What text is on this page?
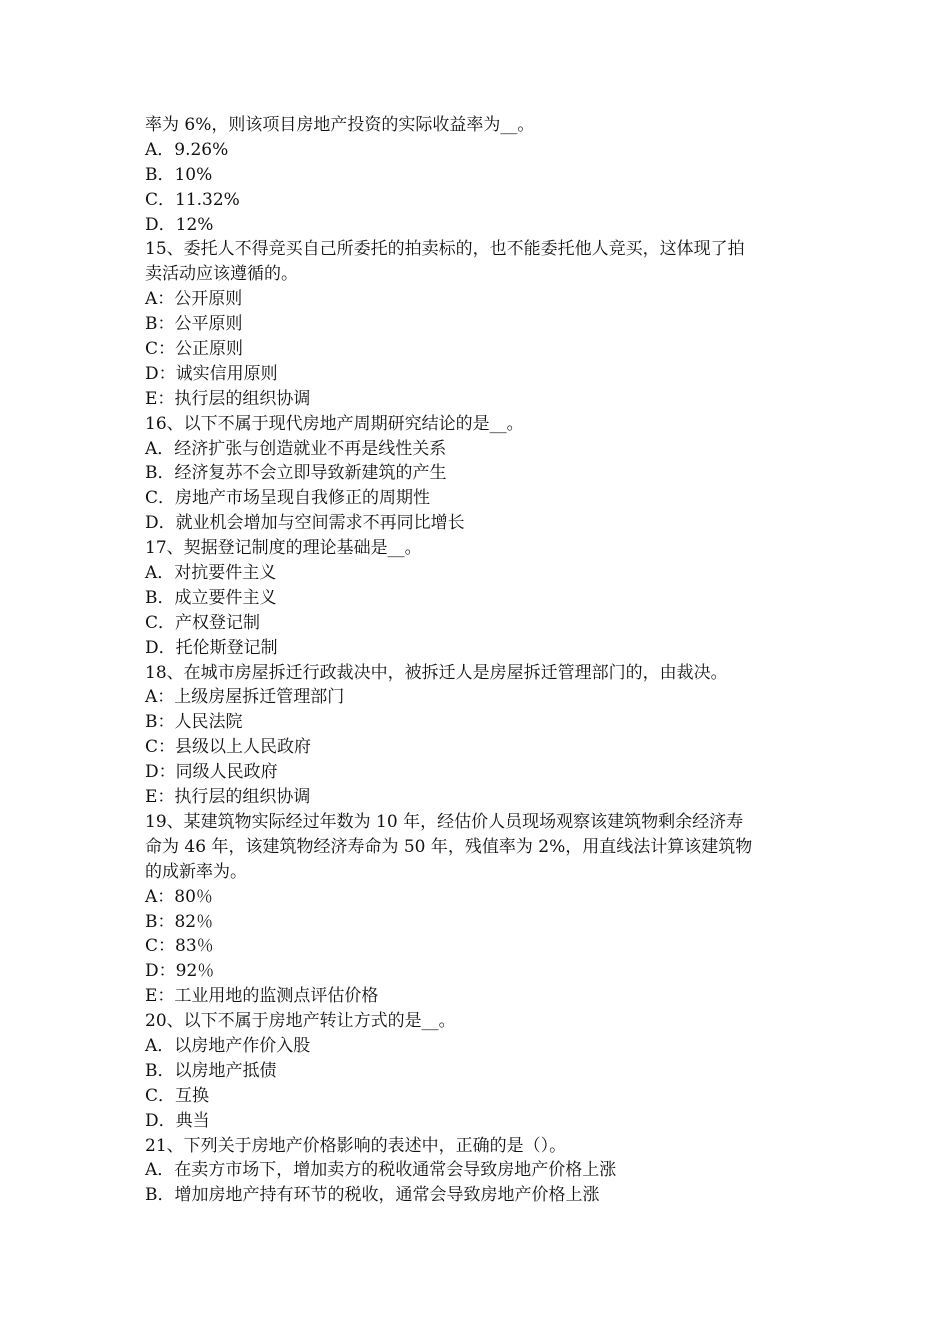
率为 6%，则该项目房地产投资的实际收益率为__。
A．9.26%
B．10%
C．11.32%
D．12%
15、委托人不得竞买自己所委托的拍卖标的，也不能委托他人竞买，这体现了拍
卖活动应该遵循的。
A：公开原则
B：公平原则
C：公正原则
D：诚实信用原则
E：执行层的组织协调
16、以下不属于现代房地产周期研究结论的是__。
A．经济扩张与创造就业不再是线性关系
B．经济复苏不会立即导致新建筑的产生
C．房地产市场呈现自我修正的周期性
D．就业机会增加与空间需求不再同比增长
17、契据登记制度的理论基础是__。
A．对抗要件主义
B．成立要件主义
C．产权登记制
D．托伦斯登记制
18、在城市房屋拆迁行政裁决中，被拆迁人是房屋拆迁管理部门的，由裁决。
A：上级房屋拆迁管理部门
B：人民法院
C：县级以上人民政府
D：同级人民政府
E：执行层的组织协调
19、某建筑物实际经过年数为 10 年，经估价人员现场观察该建筑物剩余经济寿
命为 46 年，该建筑物经济寿命为 50 年，残值率为 2%，用直线法计算该建筑物
的成新率为。
A：80％
B：82％
C：83％
D：92％
E：工业用地的监测点评估价格
20、以下不属于房地产转让方式的是__。
A．以房地产作价入股
B．以房地产抵债
C．互换
D．典当
21、下列关于房地产价格影响的表述中，正确的是（）。
A．在卖方市场下，增加卖方的税收通常会导致房地产价格上涨
B．增加房地产持有环节的税收，通常会导致房地产价格上涨
